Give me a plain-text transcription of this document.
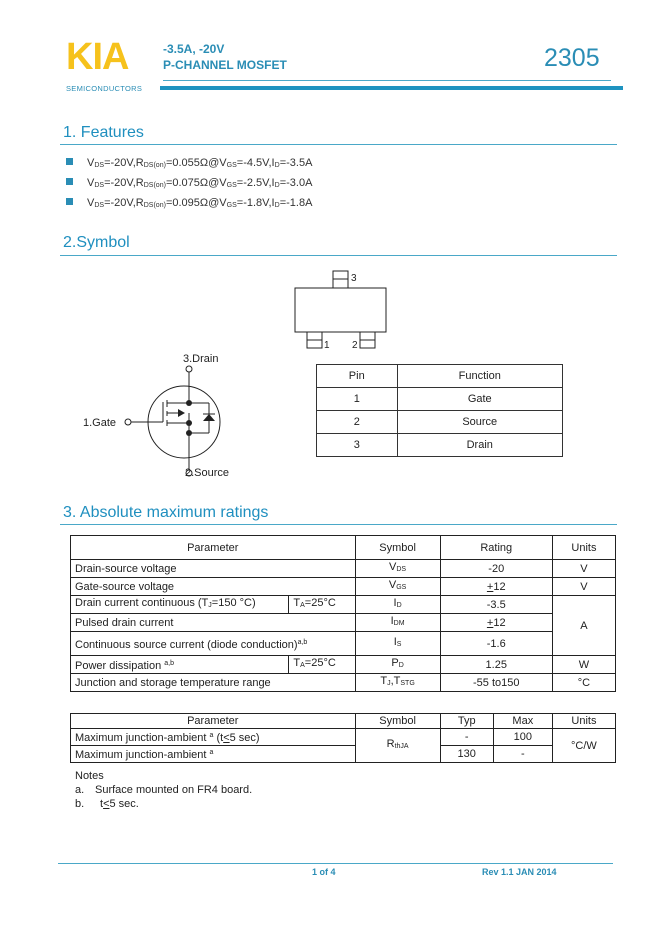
KIA
SEMICONDUCTORS
-3.5A, -20V
P-CHANNEL MOSFET	2305
1. Features
$V_{DS}=-20V,R_{DS(on)}=0.055\Omega@V_{GS}=-4.5V,I_D=-3.5A$
$V_{DS}=-20V,R_{DS(on)}=0.075\Omega@V_{GS}=-2.5V,I_D=-3.0A$
$V_{DS}=-20V,R_{DS(on)}=0.095\Omega@V_{GS}=-1.8V,I_D=-1.8A$
2.Symbol
3
1 2
3.Drain
1.Gate
2.Source
Pin	Function
1	Gate
2	Source
3	Drain
3. Absolute maximum ratings
Parameter		Symbol	Rating	Units
Drain-source voltage		$V_{DS}$	-20	V
Gate-source voltage		$V_{GS}$	+12	V
Drain current continuous ($T_J=150$ °C)	$T_A=25^\circ C$	$I_D$	-3.5	A
Pulsed drain current		$I_{DM}$	+12	
Continuous source current (diode conduction)$^{a,b}$		$I_S$	-1.6	
Power dissipation $^{a,b}$	$T_A=25^\circ C$	$P_D$	1.25	W
Junction and storage temperature range		$T_J,T_{STG}$	-55 to150	°C
Parameter	Symbol	Typ	Max	Units
Maximum junction-ambient $^a$ (t<5 sec)	$R_{thJA}$	-	100	°C/W
Maximum junction-ambient $^a$		130	-	
Notes
a. Surface mounted on FR4 board.
b. t<5 sec.
1 of 4	Rev 1.1 JAN 2014
